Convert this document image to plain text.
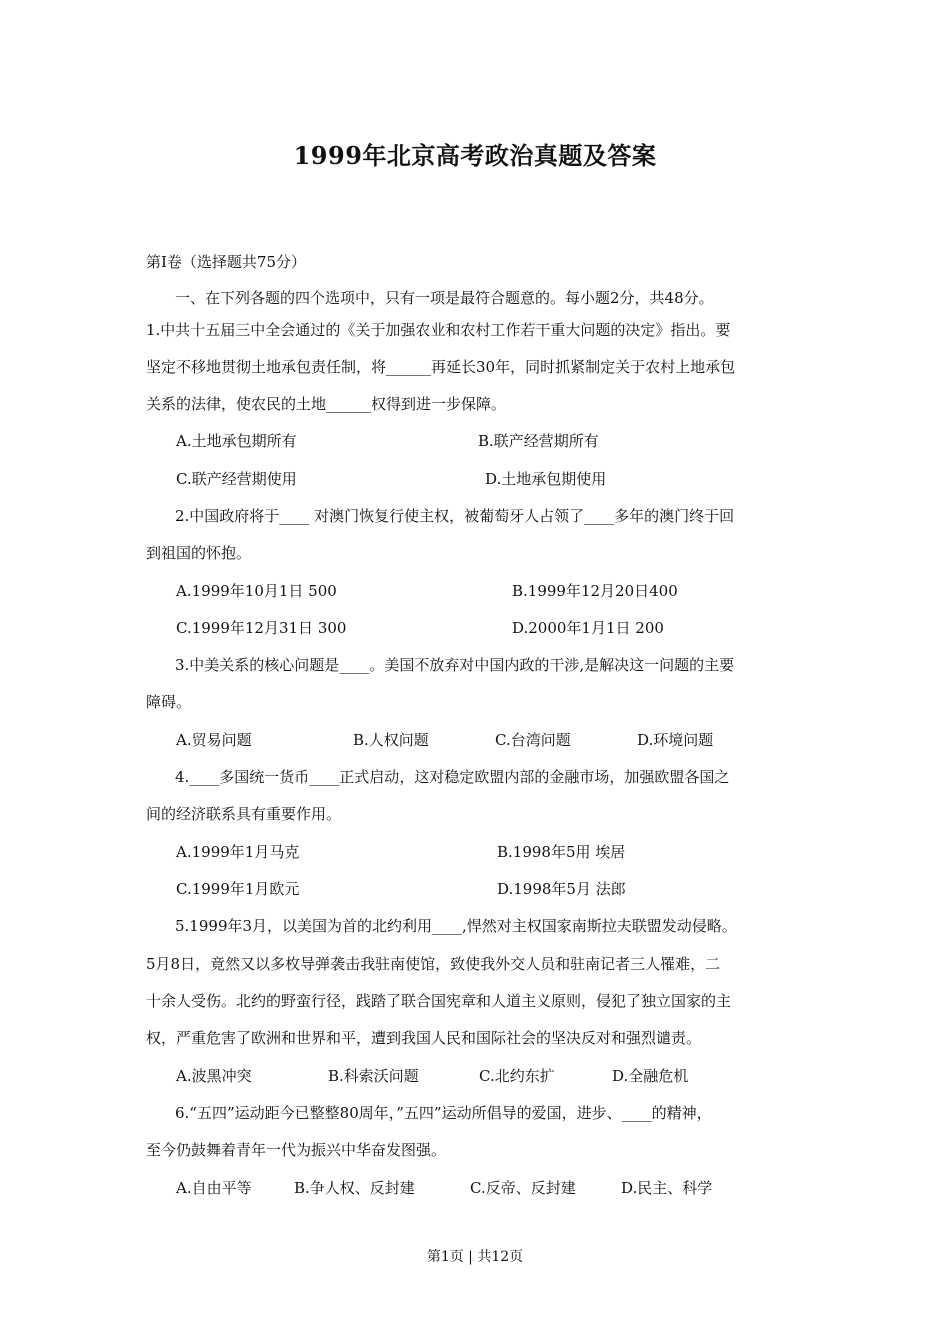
1999年北京高考政治真题及答案
第Ⅰ卷（选择题共75分）
一、在下列各题的四个选项中，只有一项是最符合题意的。每小题2分，共48分。
1.中共十五届三中全会通过的《关于加强农业和农村工作若干重大问题的决定》指出。要
坚定不移地贯彻土地承包责任制，将______再延长30年，同时抓紧制定关于农村上地承包
关系的法律，使农民的土地______权得到进一步保障。
A.土地承包期所有	B.联产经营期所有
C.联产经营期使用	D.土地承包期使用
2.中国政府将于____ 对澳门恢复行使主权，被葡萄牙人占领了____多年的澳门终于回
到祖国的怀抱。
A.1999年10月1日 500	B.1999年12月20日400
C.1999年12月31日 300	D.2000年1月1日 200
3.中美关系的核心问题是____。美国不放弃对中国内政的干涉,是解决这一问题的主要
障碍。
A.贸易问题	B.人权问题	C.台湾问题	D.环境问题
4.____多国统一货币____正式启动，这对稳定欧盟内部的金融市场，加强欧盟各国之
间的经济联系具有重要作用。
A.1999年1月马克	B.1998年5用 埃居
C.1999年1月欧元	D.1998年5月 法郎
5.1999年3月，以美国为首的北约利用____,悍然对主权国家南斯拉夫联盟发动侵略。
5月8日，竟然又以多枚导弹袭击我驻南使馆，致使我外交人员和驻南记者三人罹难，二
十余人受伤。北约的野蛮行径，践踏了联合国宪章和人道主义原则，侵犯了独立国家的主
权，严重危害了欧洲和世界和平，遭到我国人民和国际社会的坚决反对和强烈谴责。
A.波黑冲突	B.科索沃问题	C.北约东扩	D.全融危机
6.“五四”运动距今已整整80周年，”五四”运动所倡导的爱国，进步、____的精神，
至今仍鼓舞着青年一代为振兴中华奋发图强。
A.自由平等	B.争人权、反封建	C.反帝、反封建	D.民主、科学
第1页 | 共12页
